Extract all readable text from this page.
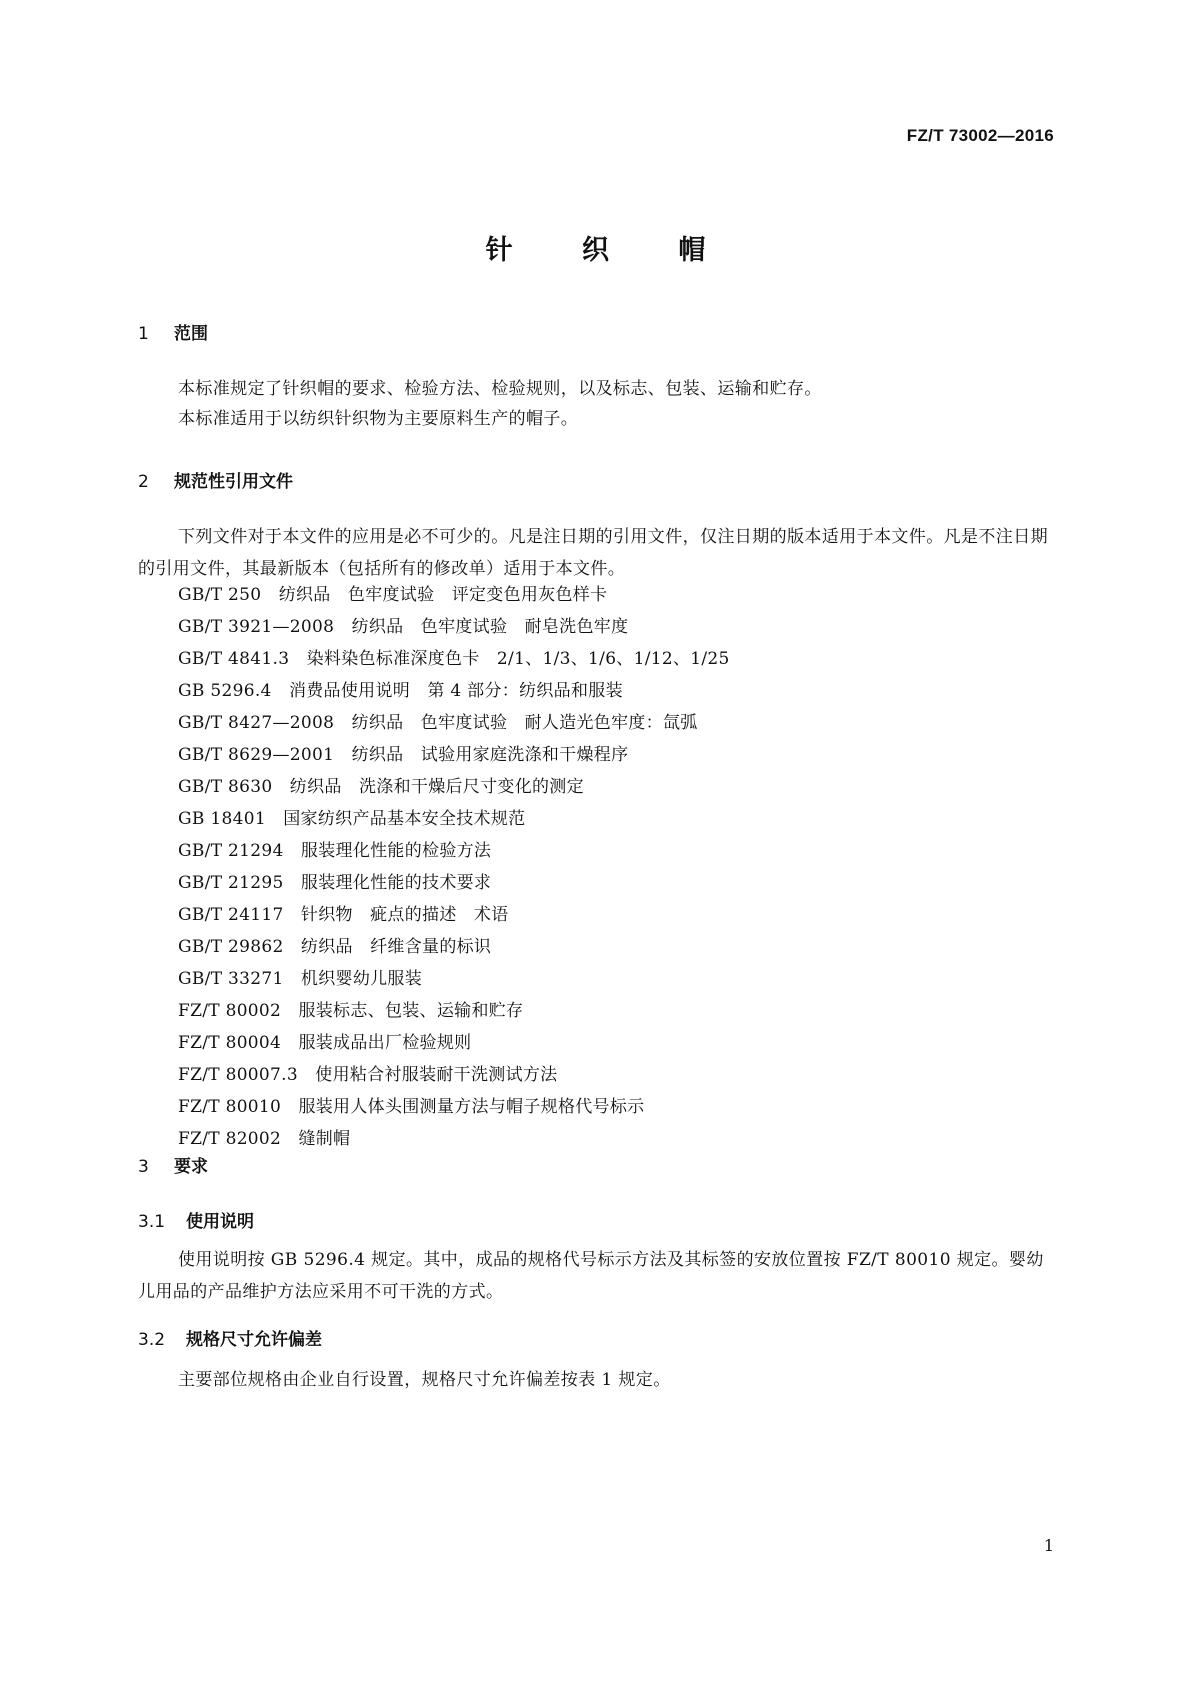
FZ/T 73002—2016
针 织 帽
1 范围
本标准规定了针织帽的要求、检验方法、检验规则，以及标志、包装、运输和贮存。
本标准适用于以纺织针织物为主要原料生产的帽子。
2 规范性引用文件
下列文件对于本文件的应用是必不可少的。凡是注日期的引用文件，仅注日期的版本适用于本文件。凡是不注日期的引用文件，其最新版本（包括所有的修改单）适用于本文件。
GB/T 250　纺织品　色牢度试验　评定变色用灰色样卡
GB/T 3921—2008　纺织品　色牢度试验　耐皂洗色牢度
GB/T 4841.3　染料染色标准深度色卡　2/1、1/3、1/6、1/12、1/25
GB 5296.4　消费品使用说明　第 4 部分：纺织品和服装
GB/T 8427—2008　纺织品　色牢度试验　耐人造光色牢度：氙弧
GB/T 8629—2001　纺织品　试验用家庭洗涤和干燥程序
GB/T 8630　纺织品　洗涤和干燥后尺寸变化的测定
GB 18401　国家纺织产品基本安全技术规范
GB/T 21294　服装理化性能的检验方法
GB/T 21295　服装理化性能的技术要求
GB/T 24117　针织物　疵点的描述　术语
GB/T 29862　纺织品　纤维含量的标识
GB/T 33271　机织婴幼儿服装
FZ/T 80002　服装标志、包装、运输和贮存
FZ/T 80004　服装成品出厂检验规则
FZ/T 80007.3　使用粘合衬服装耐干洗测试方法
FZ/T 80010　服装用人体头围测量方法与帽子规格代号标示
FZ/T 82002　缝制帽
3 要求
3.1 使用说明
使用说明按 GB 5296.4 规定。其中，成品的规格代号标示方法及其标签的安放位置按 FZ/T 80010 规定。婴幼儿用品的产品维护方法应采用不可干洗的方式。
3.2 规格尺寸允许偏差
主要部位规格由企业自行设置，规格尺寸允许偏差按表 1 规定。
1
